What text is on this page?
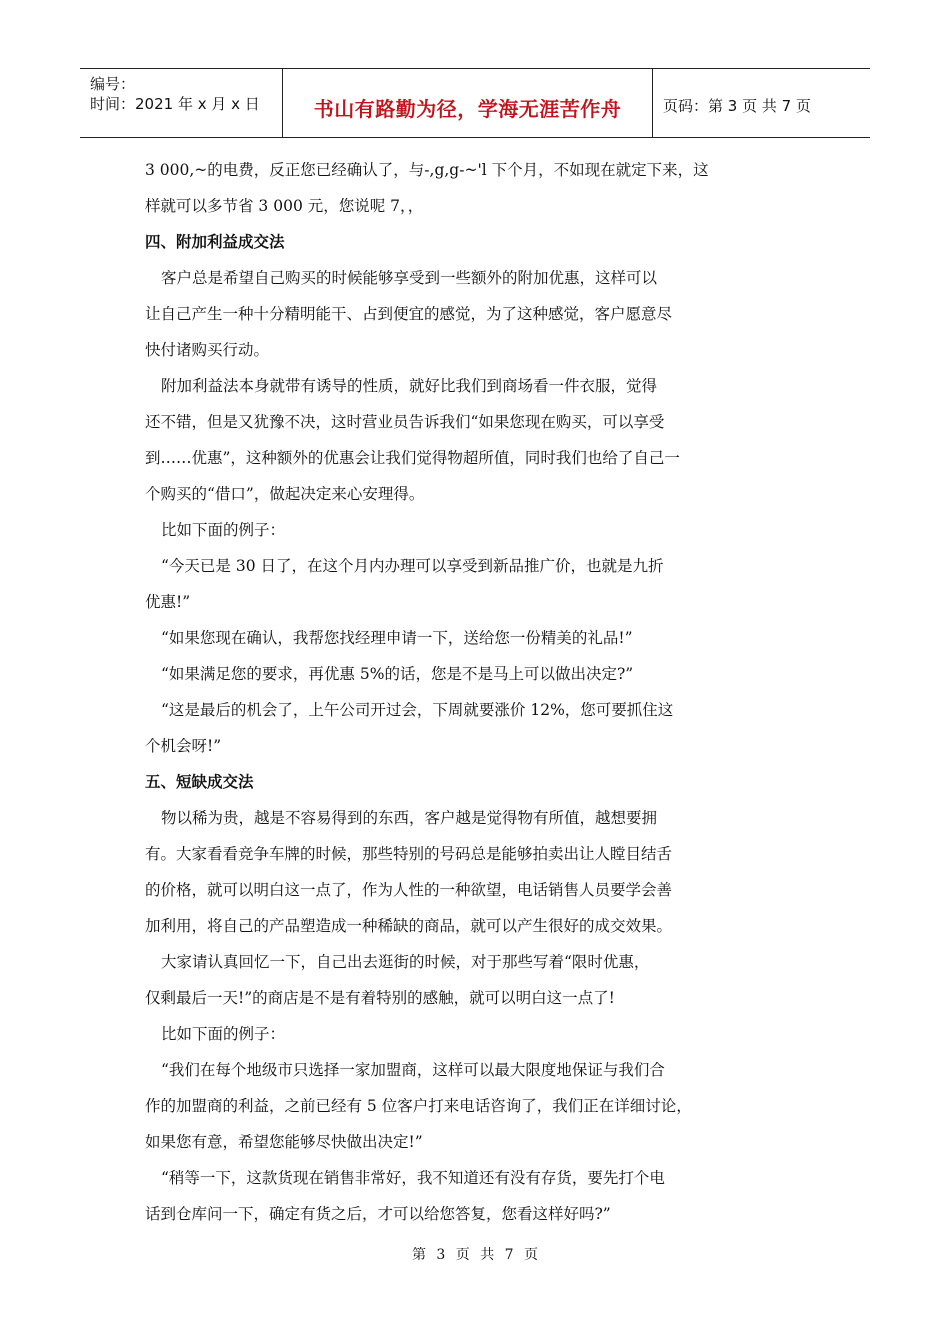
编号：
时间：2021 年 x 月 x 日	书山有路勤为径，学海无涯苦作舟	页码：第 3 页 共 7 页
3 000,~的电费，反正您已经确认了，与-,g,g-~'l 下个月，不如现在就定下来，这
样就可以多节省 3 000 元，您说呢 7，，
四、附加利益成交法
客户总是希望自己购买的时候能够享受到一些额外的附加优惠，这样可以
让自己产生一种十分精明能干、占到便宜的感觉，为了这种感觉，客户愿意尽
快付诸购买行动。
附加利益法本身就带有诱导的性质，就好比我们到商场看一件衣服，觉得
还不错，但是又犹豫不决，这时营业员告诉我们“如果您现在购买，可以享受
到……优惠”，这种额外的优惠会让我们觉得物超所值，同时我们也给了自己一
个购买的“借口”，做起决定来心安理得。
比如下面的例子：
“今天已是 30 日了，在这个月内办理可以享受到新品推广价，也就是九折
优惠!”
“如果您现在确认，我帮您找经理申请一下，送给您一份精美的礼品!”
“如果满足您的要求，再优惠 5%的话，您是不是马上可以做出决定?”
“这是最后的机会了，上午公司开过会，下周就要涨价 12%，您可要抓住这
个机会呀!”
五、短缺成交法
物以稀为贵，越是不容易得到的东西，客户越是觉得物有所值，越想要拥
有。大家看看竞争车牌的时候，那些特别的号码总是能够拍卖出让人瞠目结舌
的价格，就可以明白这一点了，作为人性的一种欲望，电话销售人员要学会善
加利用，将自己的产品塑造成一种稀缺的商品，就可以产生很好的成交效果。
大家请认真回忆一下，自己出去逛街的时候，对于那些写着“限时优惠，
仅剩最后一天!”的商店是不是有着特别的感触，就可以明白这一点了!
比如下面的例子：
“我们在每个地级市只选择一家加盟商，这样可以最大限度地保证与我们合
作的加盟商的利益，之前已经有 5 位客户打来电话咨询了，我们正在详细讨论，
如果您有意，希望您能够尽快做出决定!”
“稍等一下，这款货现在销售非常好，我不知道还有没有存货，要先打个电
话到仓库问一下，确定有货之后，才可以给您答复，您看这样好吗?”
第 3 页 共 7 页
